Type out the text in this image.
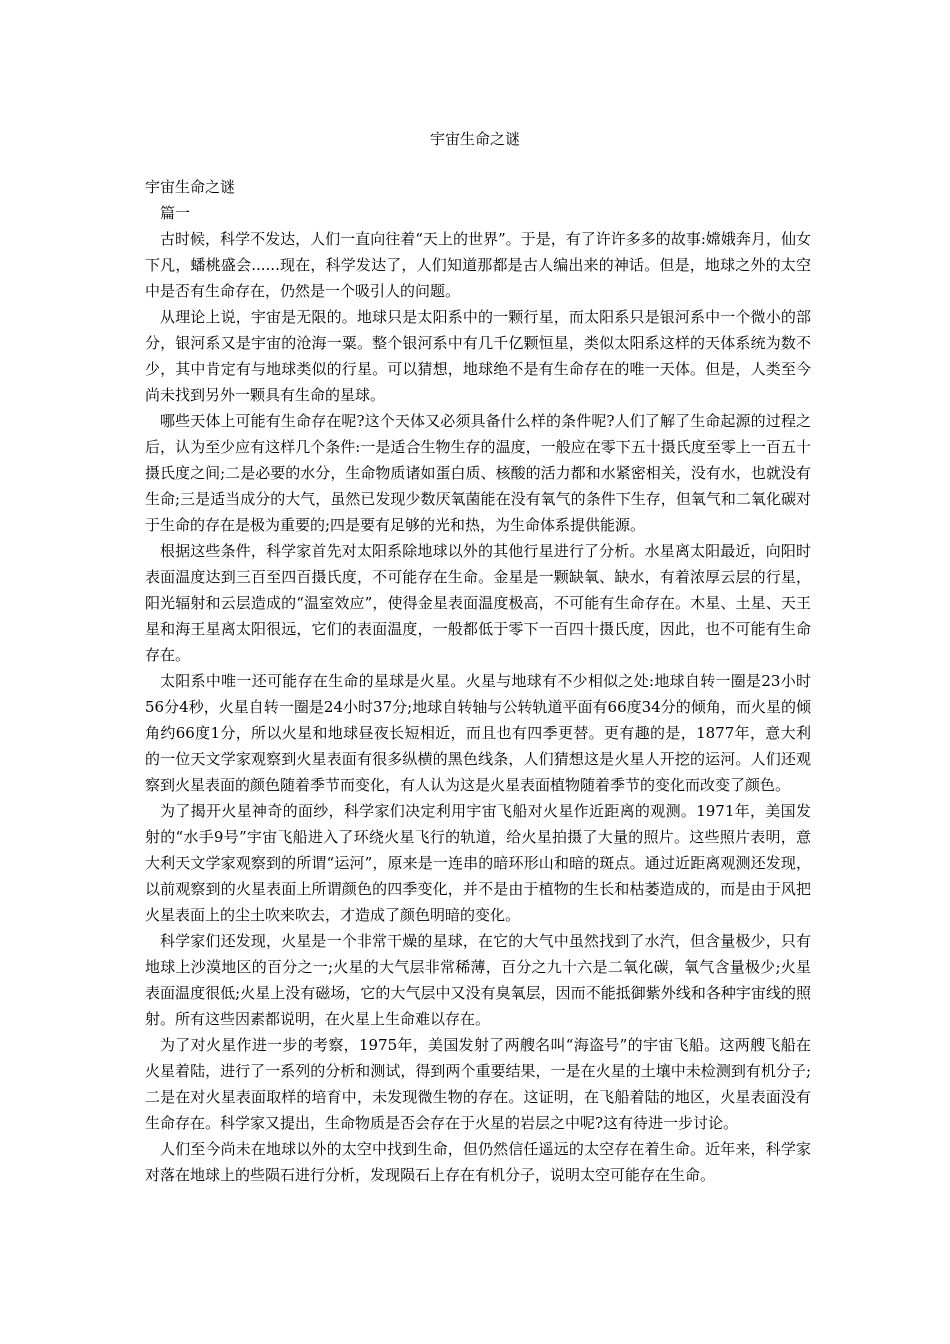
宇宙生命之谜
宇宙生命之谜
篇一

古时候，科学不发达，人们一直向往着“天上的世界”。于是，有了许许多多的故事:嫦娥奔月，仙女下凡，蟠桃盛会......现在，科学发达了，人们知道那都是古人编出来的神话。但是，地球之外的太空中是否有生命存在，仍然是一个吸引人的问题。

从理论上说，宇宙是无限的。地球只是太阳系中的一颗行星，而太阳系只是银河系中一个微小的部分，银河系又是宇宙的沧海一粟。整个银河系中有几千亿颗恒星，类似太阳系这样的天体系统为数不少，其中肯定有与地球类似的行星。可以猜想，地球绝不是有生命存在的唯一天体。但是，人类至今尚未找到另外一颗具有生命的星球。

哪些天体上可能有生命存在呢?这个天体又必须具备什么样的条件呢?人们了解了生命起源的过程之后，认为至少应有这样几个条件:一是适合生物生存的温度，一般应在零下五十摄氏度至零上一百五十摄氏度之间;二是必要的水分，生命物质诸如蛋白质、核酸的活力都和水紧密相关，没有水，也就没有生命;三是适当成分的大气，虽然已发现少数厌氧菌能在没有氧气的条件下生存，但氧气和二氧化碳对于生命的存在是极为重要的;四是要有足够的光和热，为生命体系提供能源。

根据这些条件，科学家首先对太阳系除地球以外的其他行星进行了分析。水星离太阳最近，向阳时表面温度达到三百至四百摄氏度，不可能存在生命。金星是一颗缺氧、缺水，有着浓厚云层的行星，阳光辐射和云层造成的“温室效应”，使得金星表面温度极高，不可能有生命存在。木星、土星、天王星和海王星离太阳很远，它们的表面温度，一般都低于零下一百四十摄氏度，因此，也不可能有生命存在。

太阳系中唯一还可能存在生命的星球是火星。火星与地球有不少相似之处:地球自转一圈是23小时56分4秒，火星自转一圈是24小时37分;地球自转轴与公转轨道平面有66度34分的倾角，而火星的倾角约66度1分，所以火星和地球昼夜长短相近，而且也有四季更替。更有趣的是，1877年，意大利的一位天文学家观察到火星表面有很多纵横的黑色线条，人们猜想这是火星人开挖的运河。人们还观察到火星表面的颜色随着季节而变化，有人认为这是火星表面植物随着季节的变化而改变了颜色。

为了揭开火星神奇的面纱，科学家们决定利用宇宙飞船对火星作近距离的观测。1971年，美国发射的“水手9号”宇宙飞船进入了环绕火星飞行的轨道，给火星拍摄了大量的照片。这些照片表明，意大利天文学家观察到的所谓“运河”，原来是一连串的暗环形山和暗的斑点。通过近距离观测还发现，以前观察到的火星表面上所谓颜色的四季变化，并不是由于植物的生长和枯萎造成的，而是由于风把火星表面上的尘土吹来吹去，才造成了颜色明暗的变化。

科学家们还发现，火星是一个非常干燥的星球，在它的大气中虽然找到了水汽，但含量极少，只有地球上沙漠地区的百分之一;火星的大气层非常稀薄，百分之九十六是二氧化碳，氧气含量极少;火星表面温度很低;火星上没有磁场，它的大气层中又没有臭氧层，因而不能抵御紫外线和各种宇宙线的照射。所有这些因素都说明，在火星上生命难以存在。

为了对火星作进一步的考察，1975年，美国发射了两艘名叫“海盗号”的宇宙飞船。这两艘飞船在火星着陆，进行了一系列的分析和测试，得到两个重要结果，一是在火星的土壤中未检测到有机分子;二是在对火星表面取样的培育中，未发现微生物的存在。这证明，在飞船着陆的地区，火星表面没有生命存在。科学家又提出，生命物质是否会存在于火星的岩层之中呢?这有待进一步讨论。

人们至今尚未在地球以外的太空中找到生命，但仍然信任遥远的太空存在着生命。近年来，科学家对落在地球上的些陨石进行分析，发现陨石上存在有机分子，说明太空可能存在生命。
